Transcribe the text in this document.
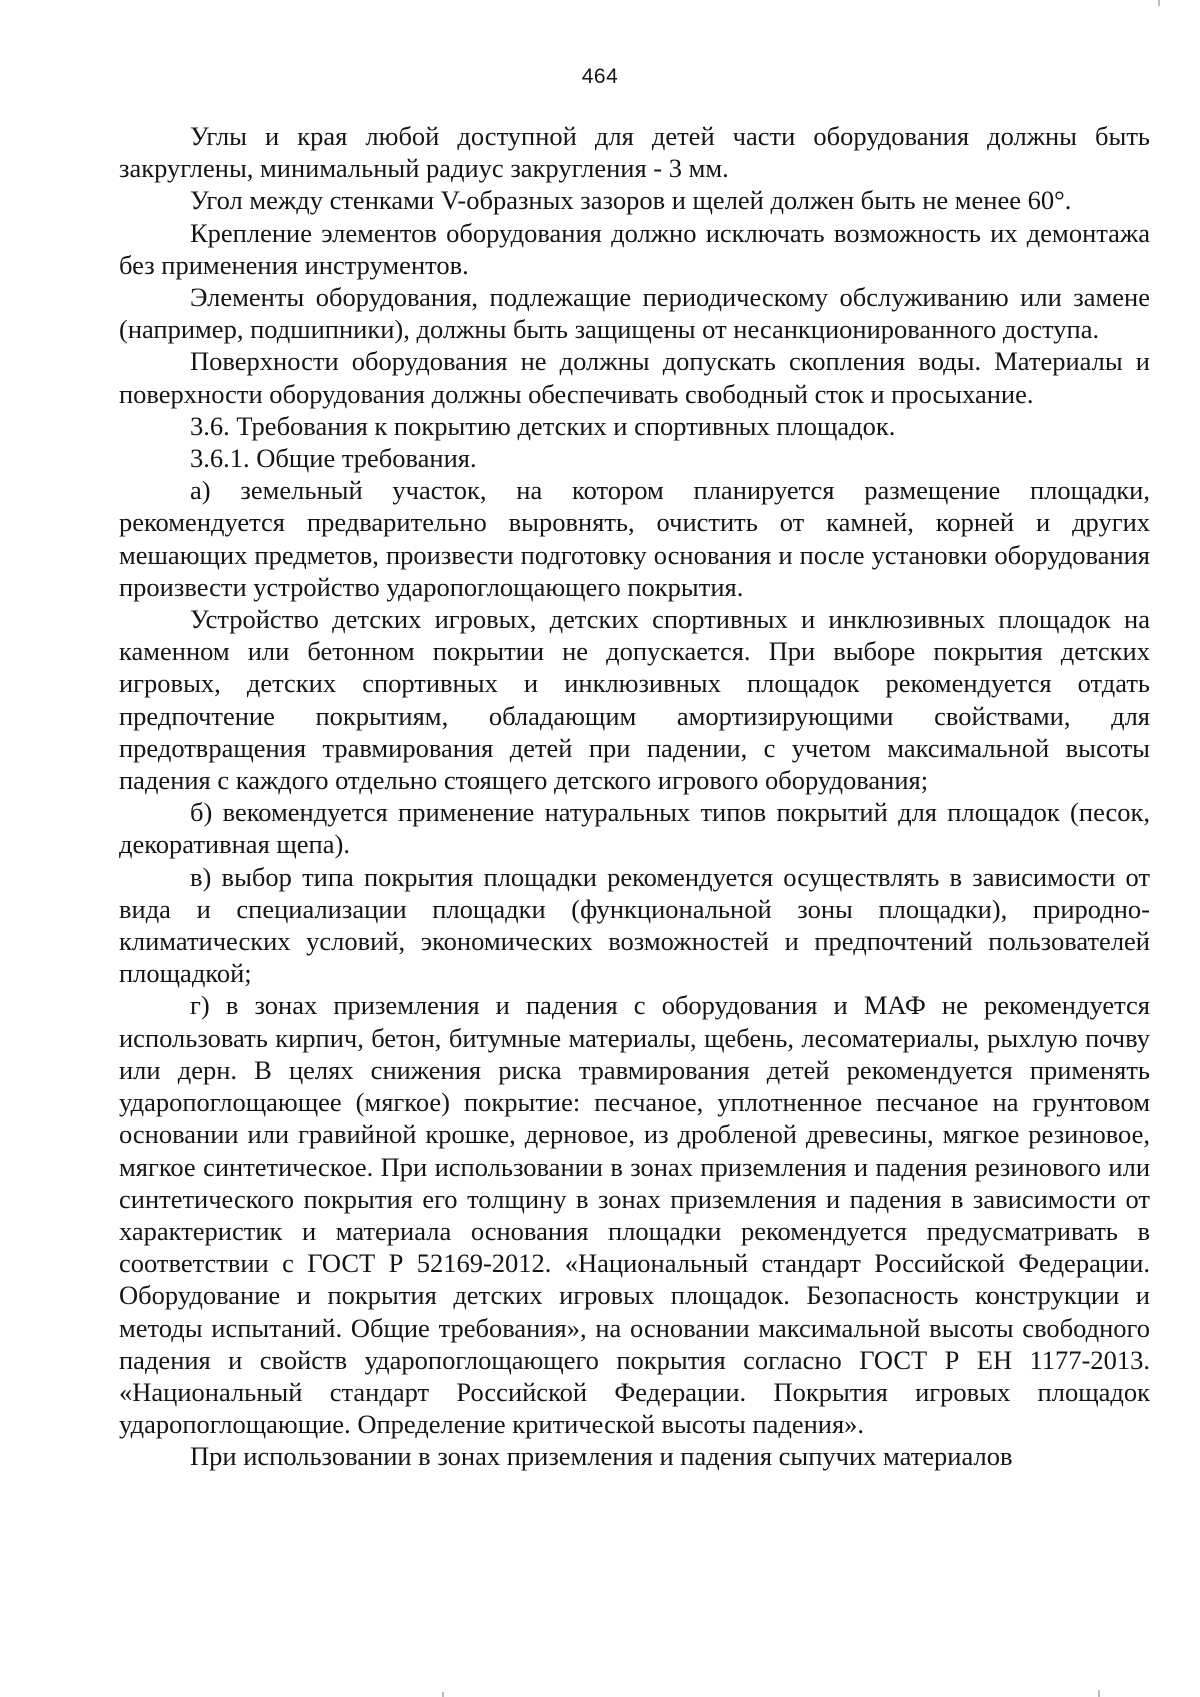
464

Углы и края любой доступной для детей части оборудования должны быть закруглены, минимальный радиус закругления - 3 мм.

Угол между стенками V-образных зазоров и щелей должен быть не менее 60°.

Крепление элементов оборудования должно исключать возможность их демонтажа без применения инструментов.

Элементы оборудования, подлежащие периодическому обслуживанию или замене (например, подшипники), должны быть защищены от несанкционированного доступа.

Поверхности оборудования не должны допускать скопления воды. Материалы и поверхности оборудования должны обеспечивать свободный сток и просыхание.

3.6. Требования к покрытию детских и спортивных площадок.

3.6.1. Общие требования.

а) земельный участок, на котором планируется размещение площадки, рекомендуется предварительно выровнять, очистить от камней, корней и других мешающих предметов, произвести подготовку основания и после установки оборудования произвести устройство ударопоглощающего покрытия.

Устройство детских игровых, детских спортивных и инклюзивных площадок на каменном или бетонном покрытии не допускается. При выборе покрытия детских игровых, детских спортивных и инклюзивных площадок рекомендуется отдать предпочтение покрытиям, обладающим амортизирующими свойствами, для предотвращения травмирования детей при падении, с учетом максимальной высоты падения с каждого отдельно стоящего детского игрового оборудования;

б) векомендуется применение натуральных типов покрытий для площадок (песок, декоративная щепа).

в) выбор типа покрытия площадки рекомендуется осуществлять в зависимости от вида и специализации площадки (функциональной зоны площадки), природно-климатических условий, экономических возможностей и предпочтений пользователей площадкой;

г) в зонах приземления и падения с оборудования и МАФ не рекомендуется использовать кирпич, бетон, битумные материалы, щебень, лесоматериалы, рыхлую почву или дерн. В целях снижения риска травмирования детей рекомендуется применять ударопоглощающее (мягкое) покрытие: песчаное, уплотненное песчаное на грунтовом основании или гравийной крошке, дерновое, из дробленой древесины, мягкое резиновое, мягкое синтетическое. При использовании в зонах приземления и падения резинового или синтетического покрытия его толщину в зонах приземления и падения в зависимости от характеристик и материала основания площадки рекомендуется предусматривать в соответствии с ГОСТ Р 52169-2012. «Национальный стандарт Российской Федерации. Оборудование и покрытия детских игровых площадок. Безопасность конструкции и методы испытаний. Общие требования», на основании максимальной высоты свободного падения и свойств ударопоглощающего покрытия согласно ГОСТ Р ЕН 1177-2013. «Национальный стандарт Российской Федерации. Покрытия игровых площадок ударопоглощающие. Определение критической высоты падения».

При использовании в зонах приземления и падения сыпучих материалов
